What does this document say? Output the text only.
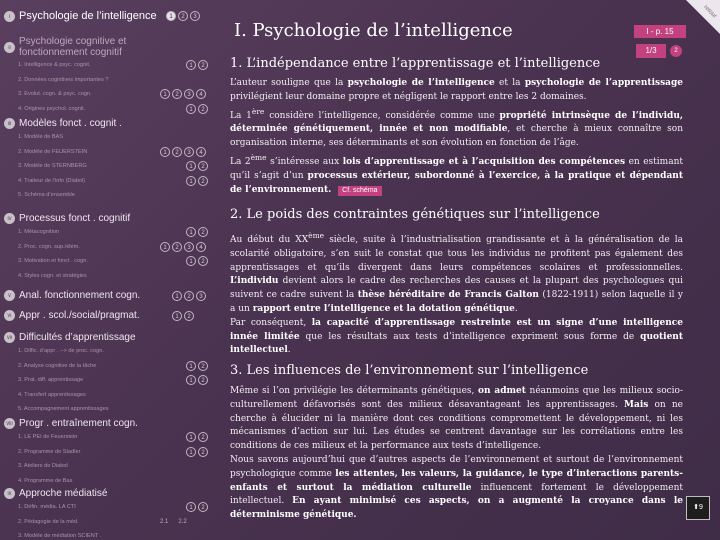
I Psychologie de l’intelligence	1	2	3
II Psychologie cognitive et fonctionnement cognitif
1. Intelligence & psyc. cognit.	1	2
2. Données cognitives importantes ?
3. Evolut. cogn. & psyc. cogn.	1	2	3	4
4. Origines psychol. cognit.	1	2
III Modèles fonct . cognit .
1. Modèle de BAS
2. Modèle de FEUERSTEIN	1	2	3	4
3. Modèle de STERNBERG	1	2
4. Traiteur de l’info (Diabol)	1	2
5. Schéma d’ensemble
IV Processus fonct . cognitif
1. Métacognition	1	2
2. Proc. cogn. sup./élém.	1	2	3	4
3. Motivation et fonct . cogn.	1	2
4. Styles cogn. et stratégies
V Anal. fonctionnement cogn.	1	2	3
VI Appr . scol./social/pragmat.	1	2
VII Difficultés d’apprentissage
1. Diffic. d’appr . --> de proc. cogn.
2. Analyse cognitive de la tâche	1	2
3. Prat. diff. apprentissage	1	2
4. Transfert apprentissages
5. Accompagnement apprentissages
VIII Progr . entraînement cogn.
1. LE PEI de Feuerstein	1	2
2. Programme de Stadler	1	2
3. Ateliers de Diabol
4. Programme de Bas
IX Approche médiatisé
1. Défin. média. LA CTI	1	2
2. Pédagogie de la méd.	2.1 2.2
3. Modèle de médiation SCIENT .
retour
I. Psychologie de l’intelligence	I - p. 15
1/3	2
1. L’indépendance entre l’apprentissage et l’intelligence
L’auteur souligne que la psychologie de l’intelligence et la psychologie de l’apprentissage privilégient leur domaine propre et négligent le rapport entre les 2 domaines.
La 1ère considère l’intelligence, considérée comme une propriété intrinsèque de l’individu, déterminée génétiquement, innée et non modifiable, et cherche à mieux connaître son organisation interne, ses déterminants et son évolution en fonction de l’âge.
La 2ème s’intéresse aux lois d’apprentissage et à l’acquisition des compétences en estimant qu’il s’agit d’un processus extérieur, subordonné à l’exercice, à la pratique et dépendant de l’environnement. Cf. schéma
2. Le poids des contraintes génétiques sur l’intelligence
Au début du XXème siècle, suite à l’industrialisation grandissante et à la généralisation de la scolarité obligatoire, s’en suit le constat que tous les individus ne profitent pas également des apprentissages et qu’ils divergent dans leurs compétences scolaires et professionnelles. L’individu devient alors le cadre des recherches des causes et la plupart des psychologues qui suivent ce cadre suivent la thèse héréditaire de Francis Galton (1822-1911) selon laquelle il y a un rapport entre l’intelligence et la dotation génétique.
Par conséquent, la capacité d’apprentissage restreinte est un signe d’une intelligence innée limitée que les résultats aux tests d’intelligence expriment sous forme de quotient intellectuel.
3. Les influences de l’environnement sur l’intelligence
Même si l’on privilégie les déterminants génétiques, on admet néanmoins que les milieux socio-culturellement défavorisés sont des milieux désavantageant les apprentissages. Mais on ne cherche à élucider ni la manière dont ces conditions compromettent le développement, ni les mécanismes d’action sur lui. Les études se centrent davantage sur les corrélations entre les conditions de ces milieux et la performance aux tests d’intelligence.
Nous savons aujourd’hui que d’autres aspects de l’environnement et surtout de l’environnement psychologique comme les attentes, les valeurs, la guidance, le type d’interactions parents-enfants et surtout la médiation culturelle influencent fortement le développement intellectuel. En ayant minimisé ces aspects, on a augmenté la croyance dans le déterminisme génétique.
⬆9
